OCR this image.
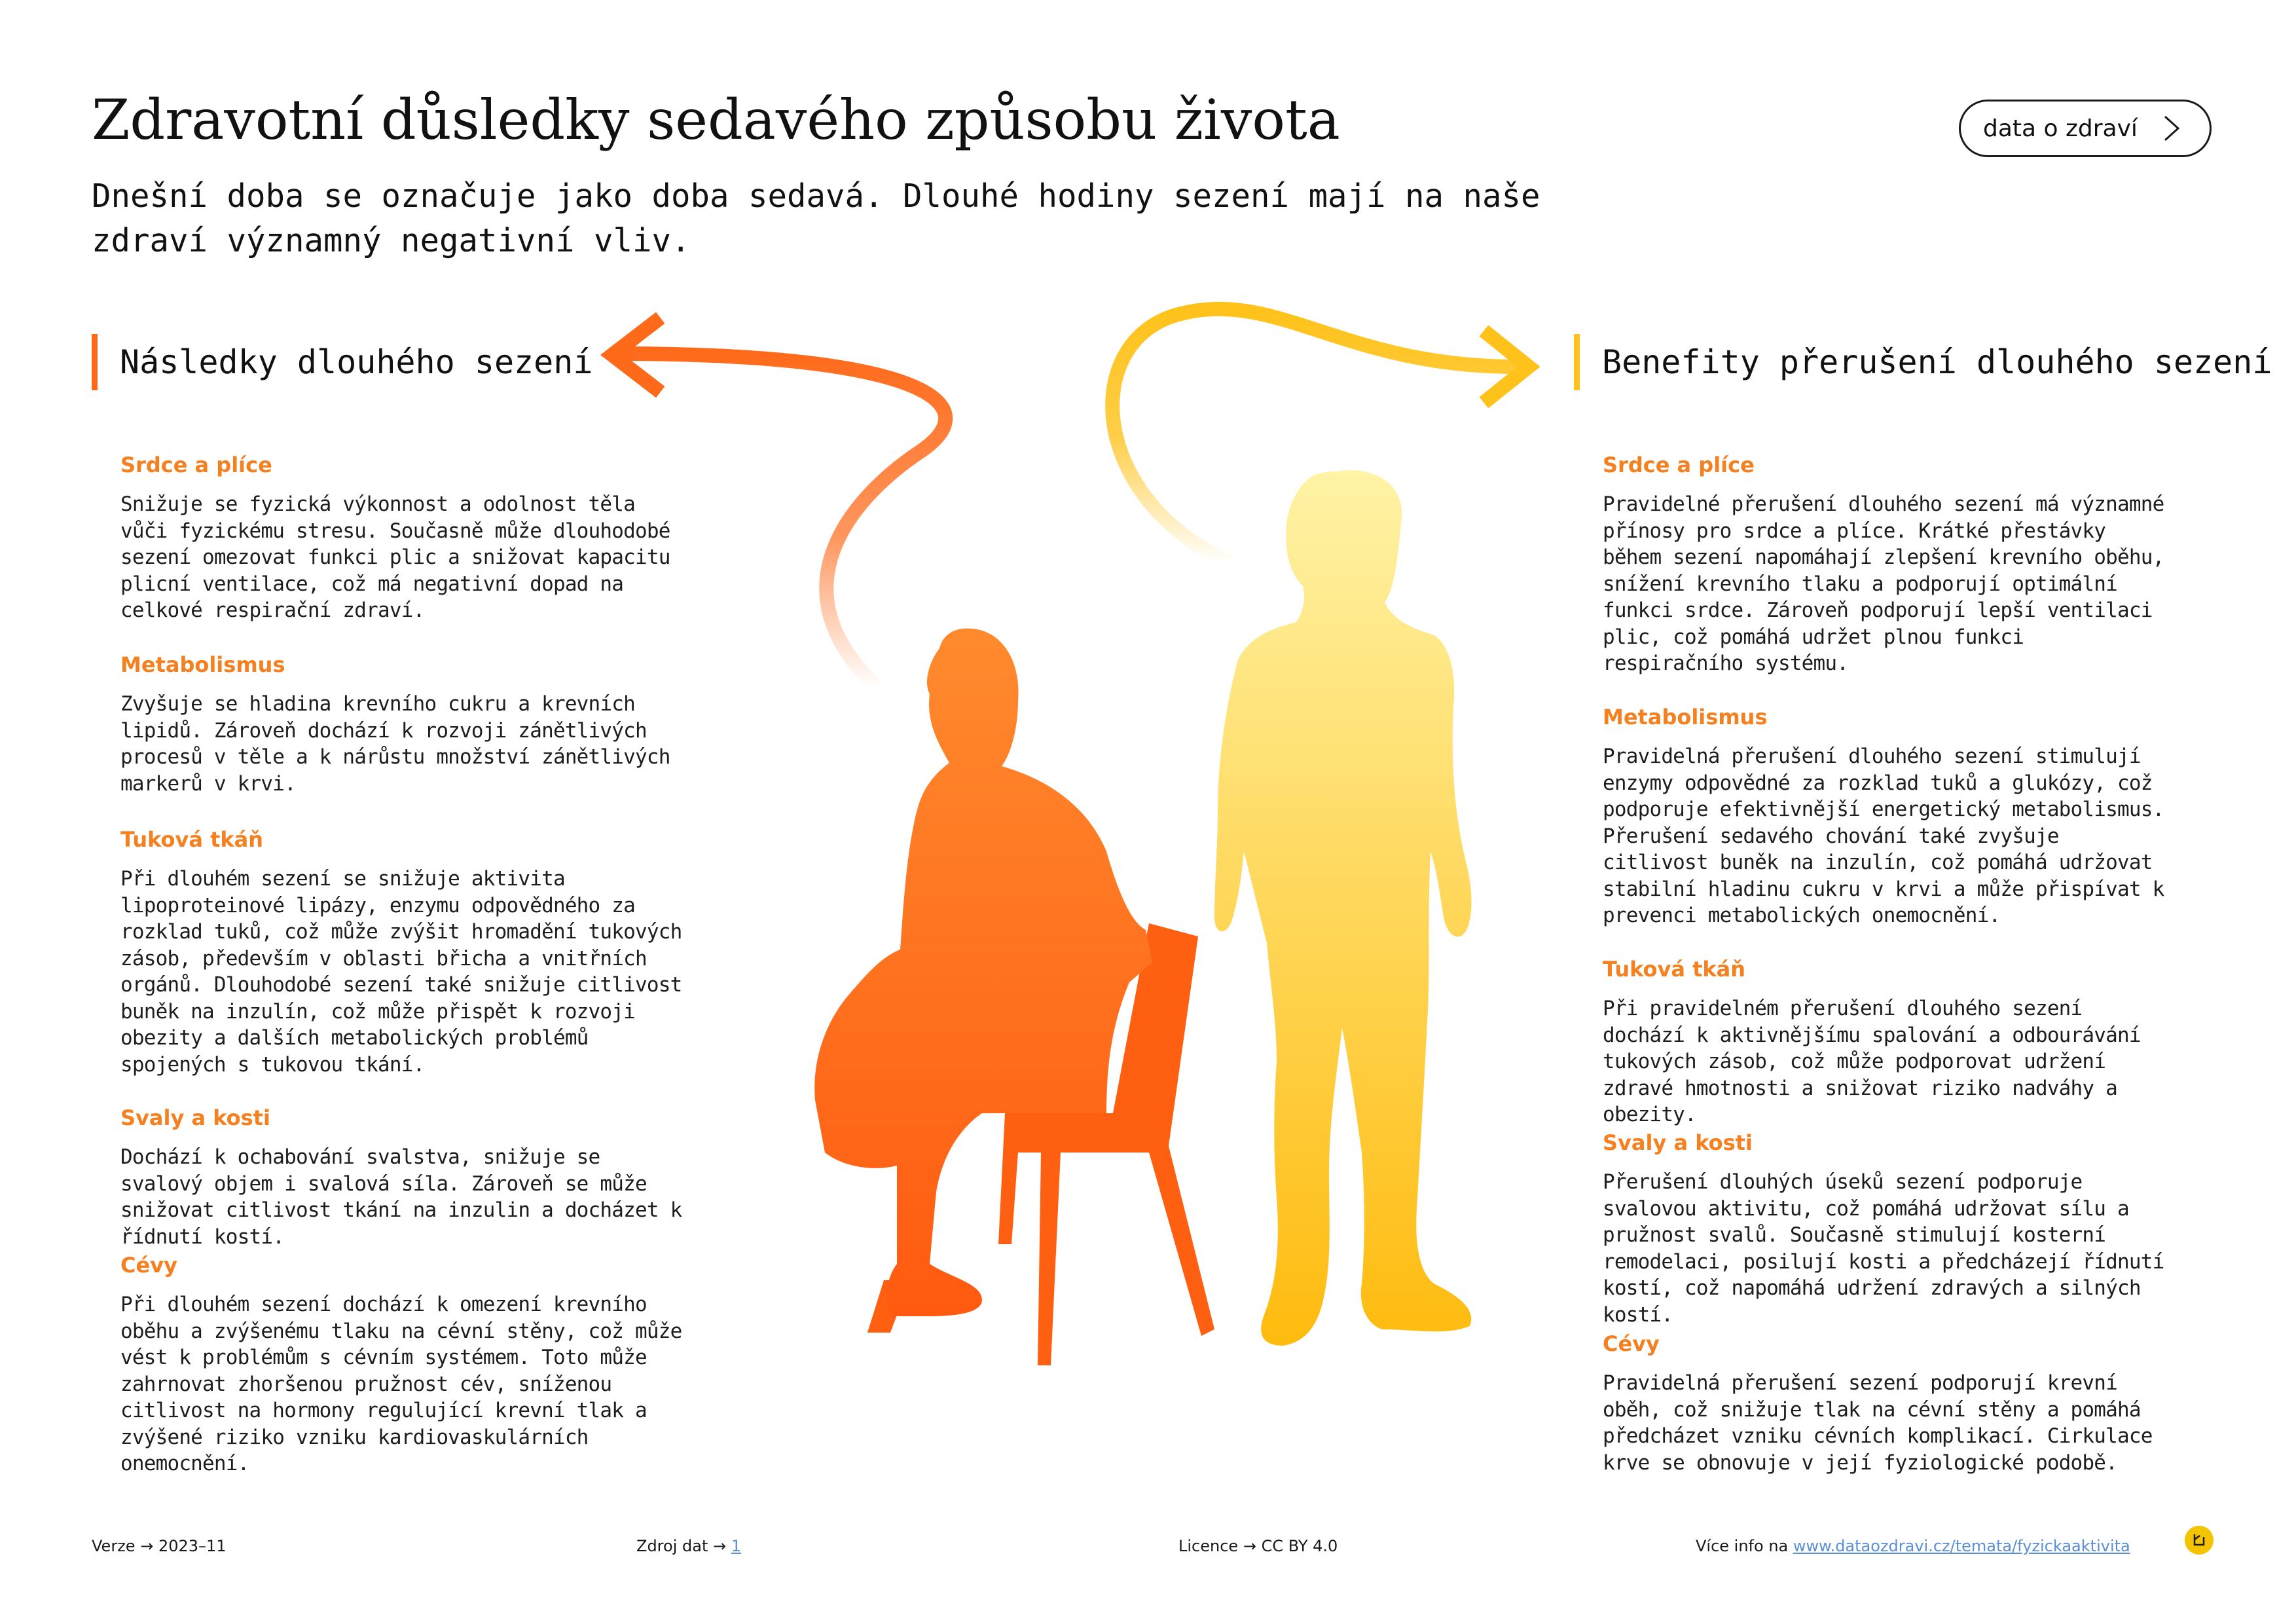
Zdravotní důsledky sedavého způsobu života

Dnešní doba se označuje jako doba sedavá. Dlouhé hodiny sezení mají na naše zdraví významný negativní vliv.

data o zdraví
Následky dlouhého sezení
Srdce a plíce

Snižuje se fyzická výkonnost a odolnost těla vůči fyzickému stresu. Současně může dlouhodobé sezení omezovat funkci plic a snižovat kapacitu plicní ventilace, což má negativní dopad na celkové respirační zdraví.

Metabolismus

Zvyšuje se hladina krevního cukru a krevních lipidů. Zároveň dochází k rozvoji zánětlivých procesů v těle a k nárůstu množství zánětlivých markerů v krvi.

Tuková tkáň

Při dlouhém sezení se snižuje aktivita lipoproteinové lipázy, enzymu odpovědného za rozklad tuků, což může zvýšit hromadění tukových zásob, především v oblasti břicha a vnitřních orgánů. Dlouhodobé sezení také snižuje citlivost buněk na inzulín, což může přispět k rozvoji obezity a dalších metabolických problémů spojených s tukovou tkání.

Svaly a kosti

Dochází k ochabování svalstva, snižuje se svalový objem i svalová síla. Zároveň se může snižovat citlivost tkání na inzulin a docházet k řídnutí kostí.

Cévy

Při dlouhém sezení dochází k omezení krevního oběhu a zvýšenému tlaku na cévní stěny, což může vést k problémům s cévním systémem. Toto může zahrnovat zhoršenou pružnost cév, sníženou citlivost na hormony regulující krevní tlak a zvýšené riziko vzniku kardiovaskulárních onemocnění.

Benefity přerušení dlouhého sezení
Srdce a plíce

Pravidelné přerušení dlouhého sezení má významné přínosy pro srdce a plíce. Krátké přestávky během sezení napomáhají zlepšení krevního oběhu, snížení krevního tlaku a podporují optimální funkci srdce. Zároveň podporují lepší ventilaci plic, což pomáhá udržet plnou funkci respiračního systému.

Metabolismus

Pravidelná přerušení dlouhého sezení stimulují enzymy odpovědné za rozklad tuků a glukózy, což podporuje efektivnější energetický metabolismus. Přerušení sedavého chování také zvyšuje citlivost buněk na inzulín, což pomáhá udržovat stabilní hladinu cukru v krvi a může přispívat k prevenci metabolických onemocnění.

Tuková tkáň

Při pravidelném přerušení dlouhého sezení dochází k aktivnějšímu spalování a odbourávání tukových zásob, což může podporovat udržení zdravé hmotnosti a snižovat riziko nadváhy a obezity.

Svaly a kosti

Přerušení dlouhých úseků sezení podporuje svalovou aktivitu, což pomáhá udržovat sílu a pružnost svalů. Současně stimulují kosterní remodelaci, posilují kosti a předcházejí řídnutí kostí, což napomáhá udržení zdravých a silných kostí.

Cévy

Pravidelná přerušení sezení podporují krevní oběh, což snižuje tlak na cévní stěny a pomáhá předcházet vzniku cévních komplikací. Cirkulace krve se obnovuje v její fyziologické podobě.

Verze → 2023–11	Zdroj dat → 1	Licence → CC BY 4.0	Více info na www.dataozdravi.cz/temata/fyzickaaktivita
